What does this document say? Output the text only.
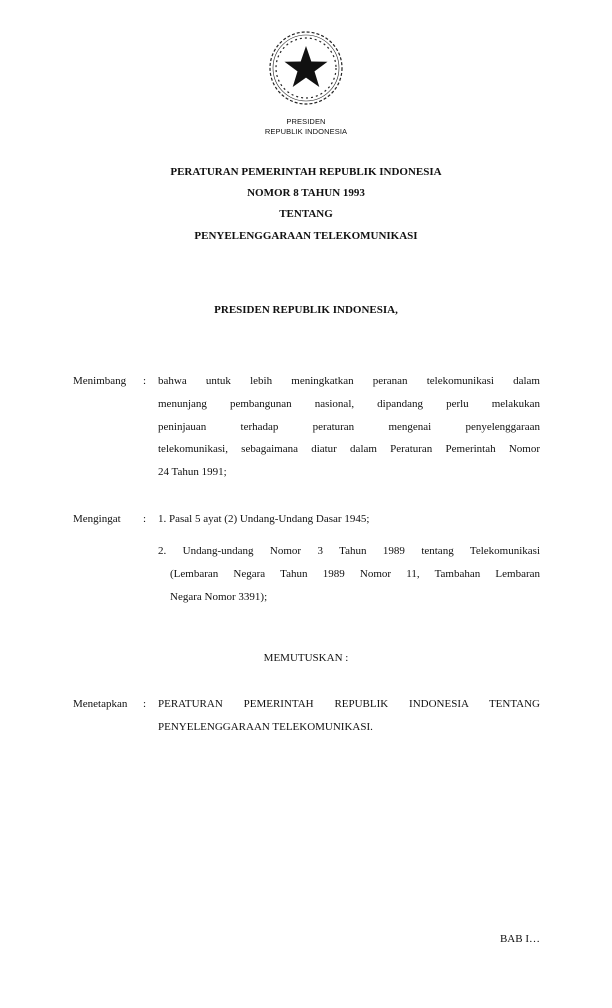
PRESIDEN
REPUBLIK INDONESIA
PERATURAN PEMERINTAH REPUBLIK INDONESIA
NOMOR 8 TAHUN 1993
TENTANG
PENYELENGGARAAN TELEKOMUNIKASI
PRESIDEN REPUBLIK INDONESIA,
Menimbang : bahwa untuk lebih meningkatkan peranan telekomunikasi dalam
menunjang pembangunan nasional, dipandang perlu melakukan
peninjauan terhadap peraturan mengenai penyelenggaraan
telekomunikasi, sebagaimana diatur dalam Peraturan Pemerintah Nomor
24 Tahun 1991;
Mengingat : 1. Pasal 5 ayat (2) Undang-Undang Dasar 1945;
2. Undang-undang Nomor 3 Tahun 1989 tentang Telekomunikasi
(Lembaran Negara Tahun 1989 Nomor 11, Tambahan Lembaran
Negara Nomor 3391);
MEMUTUSKAN :
Menetapkan : PERATURAN PEMERINTAH REPUBLIK INDONESIA TENTANG
PENYELENGGARAAN TELEKOMUNIKASI.
BAB I…
